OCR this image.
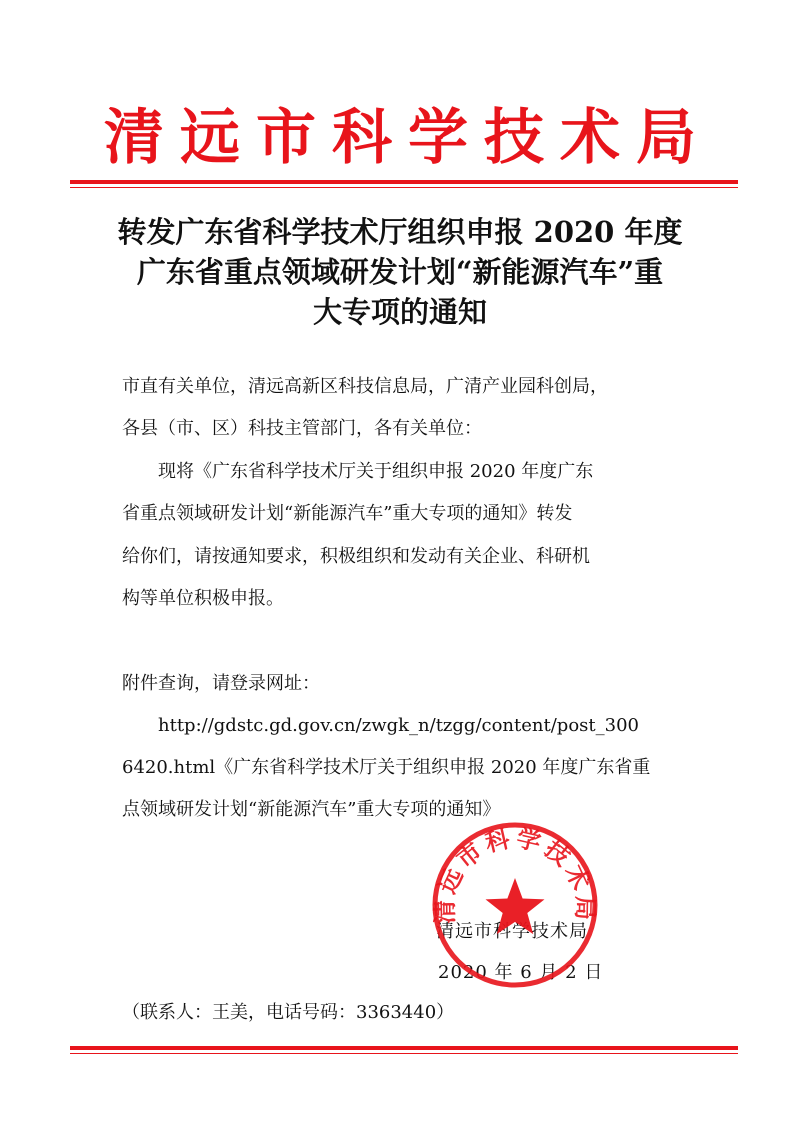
清远市科学技术局
转发广东省科学技术厅组织申报 2020 年度
广东省重点领域研发计划“新能源汽车”重
大专项的通知
市直有关单位，清远高新区科技信息局，广清产业园科创局，
各县（市、区）科技主管部门，各有关单位：
现将《广东省科学技术厅关于组织申报 2020 年度广东
省重点领域研发计划“新能源汽车”重大专项的通知》转发
给你们，请按通知要求，积极组织和发动有关企业、科研机
构等单位积极申报。
附件查询，请登录网址：
http://gdstc.gd.gov.cn/zwgk_n/tzgg/content/post_300
6420.html《广东省科学技术厅关于组织申报 2020 年度广东省重
点领域研发计划“新能源汽车”重大专项的通知》
清远市科学技术局
2020 年 6 月 2 日
清远市科学技术局
（联系人：王美，电话号码：3363440）
